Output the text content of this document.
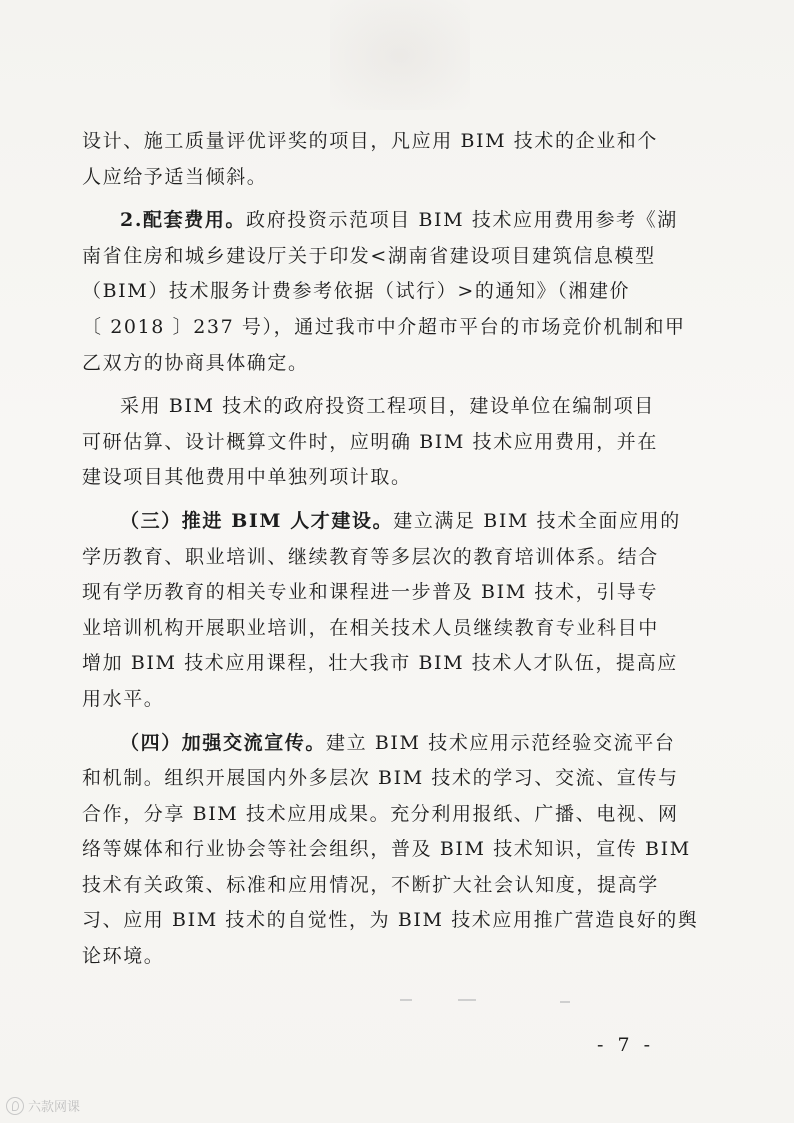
设计、施工质量评优评奖的项目，凡应用 BIM 技术的企业和个
人应给予适当倾斜。
2.配套费用。政府投资示范项目 BIM 技术应用费用参考《湖
南省住房和城乡建设厅关于印发<湖南省建设项目建筑信息模型
（BIM）技术服务计费参考依据（试行）>的通知》（湘建价
〔 2018 〕237 号），通过我市中介超市平台的市场竞价机制和甲
乙双方的协商具体确定。
采用 BIM 技术的政府投资工程项目，建设单位在编制项目
可研估算、设计概算文件时，应明确 BIM 技术应用费用，并在
建设项目其他费用中单独列项计取。
（三）推进 BIM 人才建设。建立满足 BIM 技术全面应用的
学历教育、职业培训、继续教育等多层次的教育培训体系。结合
现有学历教育的相关专业和课程进一步普及 BIM 技术，引导专
业培训机构开展职业培训，在相关技术人员继续教育专业科目中
增加 BIM 技术应用课程，壮大我市 BIM 技术人才队伍，提高应
用水平。
（四）加强交流宣传。建立 BIM 技术应用示范经验交流平台
和机制。组织开展国内外多层次 BIM 技术的学习、交流、宣传与
合作，分享 BIM 技术应用成果。充分利用报纸、广播、电视、网
络等媒体和行业协会等社会组织，普及 BIM 技术知识，宣传 BIM
技术有关政策、标准和应用情况，不断扩大社会认知度，提高学
习、应用 BIM 技术的自觉性，为 BIM 技术应用推广营造良好的舆
论环境。
- 7 -
六款网课
